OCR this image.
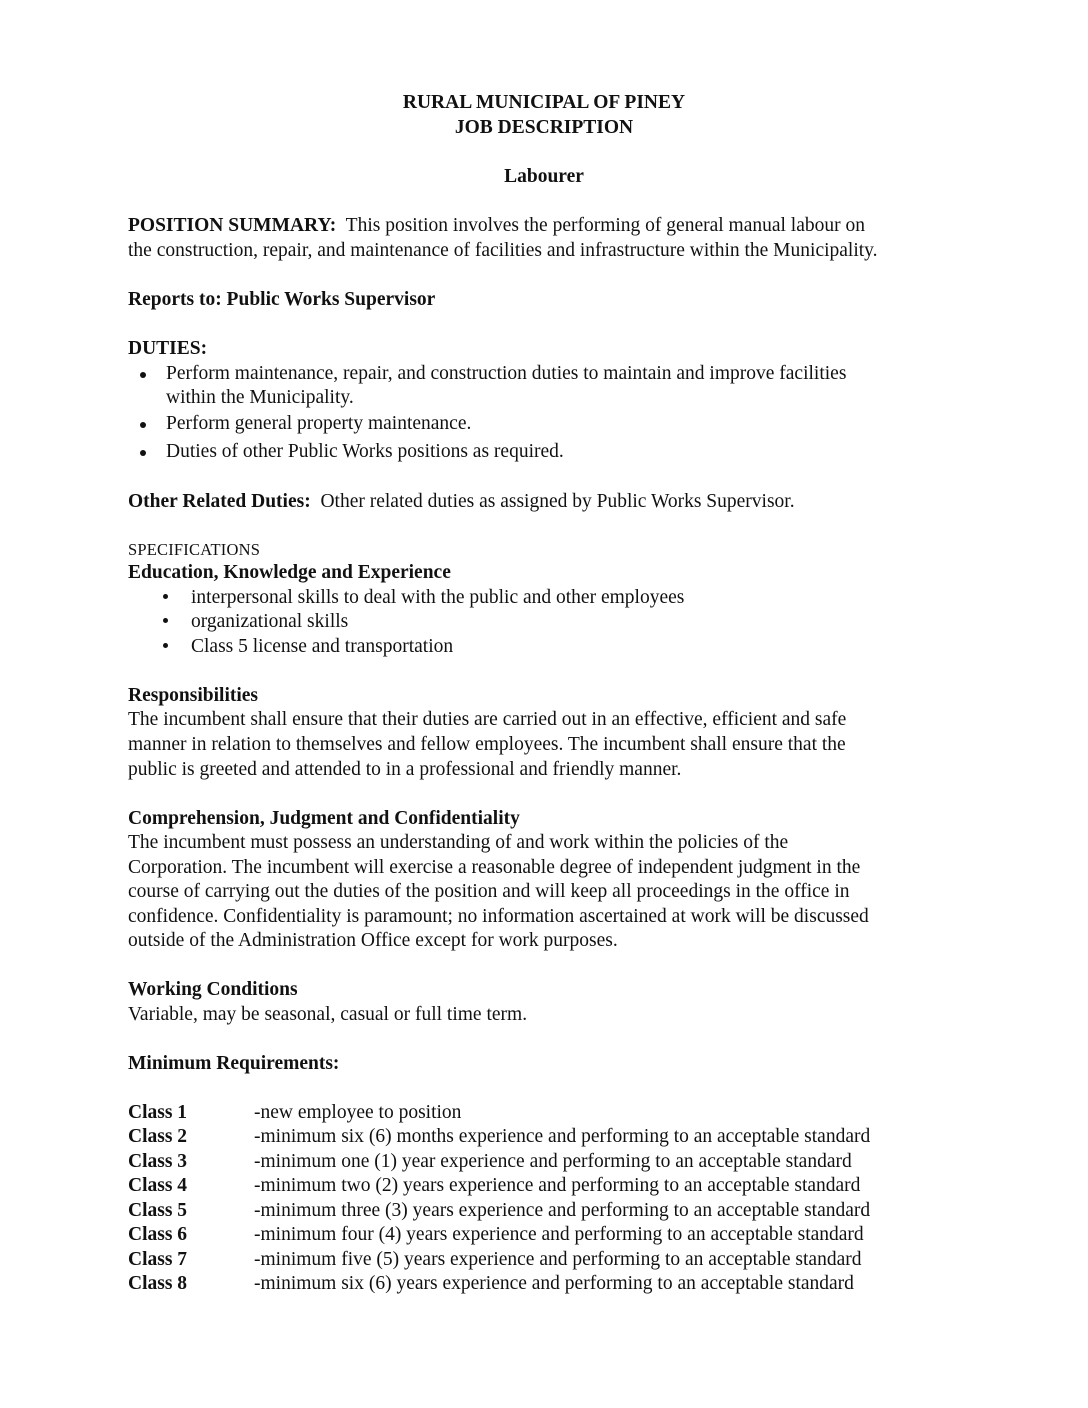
RURAL MUNICIPAL OF PINEY
JOB DESCRIPTION
Labourer
POSITION SUMMARY: This position involves the performing of general manual labour on
the construction, repair, and maintenance of facilities and infrastructure within the Municipality.
Reports to: Public Works Supervisor
DUTIES:
Perform maintenance, repair, and construction duties to maintain and improve facilities
within the Municipality.
Perform general property maintenance.
Duties of other Public Works positions as required.
Other Related Duties: Other related duties as assigned by Public Works Supervisor.
SPECIFICATIONS
Education, Knowledge and Experience
interpersonal skills to deal with the public and other employees
organizational skills
Class 5 license and transportation
Responsibilities
The incumbent shall ensure that their duties are carried out in an effective, efficient and safe
manner in relation to themselves and fellow employees. The incumbent shall ensure that the
public is greeted and attended to in a professional and friendly manner.
Comprehension, Judgment and Confidentiality
The incumbent must possess an understanding of and work within the policies of the
Corporation. The incumbent will exercise a reasonable degree of independent judgment in the
course of carrying out the duties of the position and will keep all proceedings in the office in
confidence. Confidentiality is paramount; no information ascertained at work will be discussed
outside of the Administration Office except for work purposes.
Working Conditions
Variable, may be seasonal, casual or full time term.
Minimum Requirements:
Class 1	-new employee to position
Class 2	-minimum six (6) months experience and performing to an acceptable standard
Class 3	-minimum one (1) year experience and performing to an acceptable standard
Class 4	-minimum two (2) years experience and performing to an acceptable standard
Class 5	-minimum three (3) years experience and performing to an acceptable standard
Class 6	-minimum four (4) years experience and performing to an acceptable standard
Class 7	-minimum five (5) years experience and performing to an acceptable standard
Class 8	-minimum six (6) years experience and performing to an acceptable standard
